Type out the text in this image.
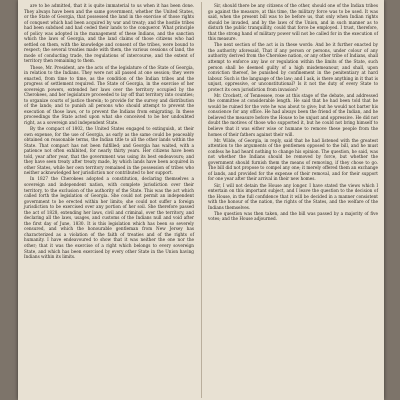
are to be admitted, that it is quite immaterial to us when it has been done. They always have been and the same government, whether the United States, or the State of Georgia, that possessed the land in the exercise of those rights of conquest which had been acquired by war and treaty; and the hostile tribes had been subdued and had ceded their lands to the conqueror. What principle of policy was adopted in the management of these Indians, and the sanction which the laws of Georgia, and the land claims of those citizens who had settled on them, with the knowledge and consent of the tribes, were bound to respect; the several treaties made with them, the various cessions of land, the mode of conducting trade, the regulations of intercourse, and the extent of territory then remaining to them.

These, Mr. President, are the acts of the legislature of the State of Georgia, in relation to the Indians. They were not all passed at one session; they were enacted, from time to time, as the condition of the Indian tribes and the progress of settlement required. The State of Georgia, in the exercise of her sovereign powers, extended her laws over the territory occupied by the Cherokees, and her legislature proceeded to lay off that territory into counties; to organize courts of justice therein; to provide for the survey and distribution of the lands; and to punish all persons who should attempt to prevent the execution of those laws, or to prevent the Indians from emigrating. In these proceedings the State acted upon what she conceived to be her undoubted right, as a sovereign and independent State.

By the compact of 1802, the United States engaged to extinguish, at their own expense, for the use of Georgia, as early as the same could be peaceably obtained on reasonable terms, the Indian title to all the other lands within the State. That compact has not been fulfilled; and Georgia has waited, with a patience not often exhibited, for nearly thirty years. Her citizens have been told, year after year, that the government was using its best endeavours; and they have seen treaty after treaty made, by which lands have been acquired in other States, while her own territory remained in the possession of tribes who neither acknowledged her jurisdiction nor contributed to her support.

In 1827 the Cherokees adopted a constitution, declaring themselves a sovereign and independent nation, with complete jurisdiction over their territory, to the exclusion of the authority of the State. This was the act which called forth the legislation of Georgia. She could not permit an independent government to be erected within her limits; she could not suffer a foreign jurisdiction to be exercised over any portion of her soil. She therefore passed the act of 1828, extending her laws, civil and criminal, over the territory, and declaring all the laws, usages, and customs of the Indians null and void after the first day of June, 1830. It is this legislation which has been so severely censured, and which the honourable gentleman from New Jersey has characterized as a violation of the faith of treaties and of the rights of humanity. I have endeavoured to show that it was neither the one nor the other; that it was the exercise of a right which belongs to every sovereign State, and which has been exercised by every other State in the Union having Indians within its limits.

Sir, should there be any citizens of the other, should one of the Indian tribes go against the measure, at this time, the military force was to be used. It was said, when the present bill was to be before us, that only when Indian rights should be invaded, and by the laws of the Union, and in such manner as to disturb the public tranquillity, could that force be employed. I trust, therefore, that the strong hand of military power will not be called for in the execution of this measure.

The next section of the act is in these words: And be it further enacted by the authority aforesaid, That if any person or persons, under colour of any authority derived from the Cherokee nation, or any other tribe of Indians, shall attempt to enforce any law or regulation within the limits of the State, such person shall be deemed guilty of a high misdemeanour, and shall, upon conviction thereof, be punished by confinement in the penitentiary at hard labour. Such is the language of the law; and I ask, is there anything in it that is unjust, oppressive, or unconstitutional? Is it not the duty of every State to protect its own jurisdiction from invasion?

Mr. Crockett, of Tennessee, rose at this stage of the debate, and addressed the committee at considerable length. He said that he had been told that he would be ruined for the vote he was about to give; but he would not barter his conscience for any office. He had always been the friend of the Indian, and he believed the measure before the House to be unjust and oppressive. He did not doubt the motives of those who supported it, but he could not bring himself to believe that it was either wise or humane to remove these people from the homes of their fathers against their will.

Mr. Wilde, of Georgia, in reply, said that he had listened with the greatest attention to the arguments of the gentlemen opposed to the bill, and he must confess he had heard nothing to change his opinion. The question, he said, was not whether the Indians should be removed by force, but whether the government should furnish them the means of removing, if they chose to go. The bill did not propose to compel any one; it merely offered them an exchange of lands, and provided for the expense of their removal, and for their support for one year after their arrival in their new homes.

Sir, I will not detain the House any longer. I have stated the views which I entertain on this important subject, and I leave the question to the decision of the House, in the full confidence that it will be decided in a manner consistent with the honour of the nation, the rights of the States, and the welfare of the Indians themselves.

The question was then taken, and the bill was passed by a majority of five votes; and the House adjourned.
